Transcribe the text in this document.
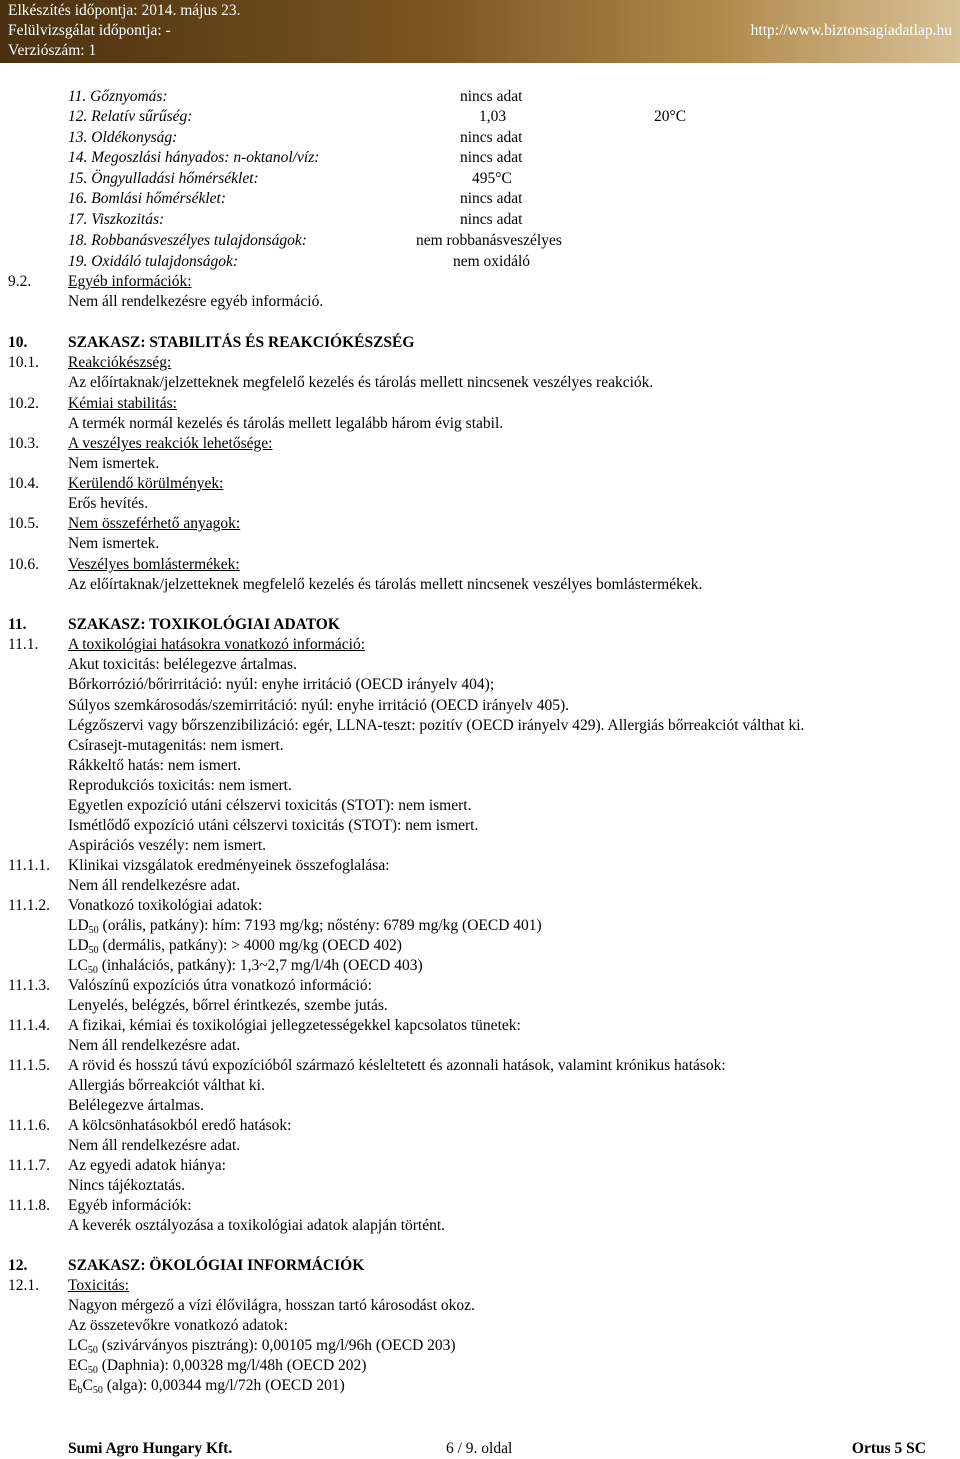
Elkészítés időpontja: 2014. május 23.
Felülvizsgálat időpontja: -
Verziószám: 1
http://www.biztonsagiadatlap.hu
11. Gőznyomás:	nincs adat
12. Relatív sűrűség:	1,03	20°C
13. Oldékonyság:	nincs adat
14. Megoszlási hányados: n-oktanol/víz:	nincs adat
15. Öngyulladási hőmérséklet:	495°C
16. Bomlási hőmérséklet:	nincs adat
17. Viszkozitás:	nincs adat
18. Robbanásveszélyes tulajdonságok:	nem robbanásveszélyes
19. Oxidáló tulajdonságok:	nem oxidáló
9.2. Egyéb információk:
Nem áll rendelkezésre egyéb információ.
10.	SZAKASZ: STABILITÁS ÉS REAKCIÓKÉSZSÉG
10.1. Reakciókészség:
Az előírtaknak/jelzetteknek megfelelő kezelés és tárolás mellett nincsenek veszélyes reakciók.
10.2. Kémiai stabilitás:
A termék normál kezelés és tárolás mellett legalább három évig stabil.
10.3. A veszélyes reakciók lehetősége:
Nem ismertek.
10.4. Kerülendő körülmények:
Erős hevítés.
10.5. Nem összeférhető anyagok:
Nem ismertek.
10.6. Veszélyes bomlástermékek:
Az előírtaknak/jelzetteknek megfelelő kezelés és tárolás mellett nincsenek veszélyes bomlástermékek.
11.	SZAKASZ: TOXIKOLÓGIAI ADATOK
11.1. A toxikológiai hatásokra vonatkozó információ:
Akut toxicitás: belélegezve ártalmas.
Bőrkorrózió/bőrirritáció: nyúl: enyhe irritáció (OECD irányelv 404);
Súlyos szemkárosodás/szemirritáció: nyúl: enyhe irritáció (OECD irányelv 405).
Légzőszervi vagy bőrszenzibilizáció: egér, LLNA-teszt: pozitív (OECD irányelv 429). Allergiás bőrreakciót válthat ki.
Csírasejt-mutagenitás: nem ismert.
Rákkeltő hatás: nem ismert.
Reprodukciós toxicitás: nem ismert.
Egyetlen expozíció utáni célszervi toxicitás (STOT): nem ismert.
Ismétlődő expozíció utáni célszervi toxicitás (STOT): nem ismert.
Aspirációs veszély: nem ismert.
11.1.1. Klinikai vizsgálatok eredményeinek összefoglalása:
Nem áll rendelkezésre adat.
11.1.2. Vonatkozó toxikológiai adatok:
$LD_{50}$ (orális, patkány): hím: 7193 mg/kg; nőstény: 6789 mg/kg (OECD 401)
$LD_{50}$ (dermális, patkány): > 4000 mg/kg (OECD 402)
$LC_{50}$ (inhalációs, patkány): 1,3~2,7 mg/l/4h (OECD 403)
11.1.3. Valószínű expozíciós útra vonatkozó információ:
Lenyelés, belégzés, bőrrel érintkezés, szembe jutás.
11.1.4. A fizikai, kémiai és toxikológiai jellegzetességekkel kapcsolatos tünetek:
Nem áll rendelkezésre adat.
11.1.5. A rövid és hosszú távú expozícióból származó késleltetett és azonnali hatások, valamint krónikus hatások:
Allergiás bőrreakciót válthat ki.
Belélegezve ártalmas.
11.1.6. A kölcsönhatásokból eredő hatások:
Nem áll rendelkezésre adat.
11.1.7. Az egyedi adatok hiánya:
Nincs tájékoztatás.
11.1.8. Egyéb információk:
A keverék osztályozása a toxikológiai adatok alapján történt.
12.	SZAKASZ: ÖKOLÓGIAI INFORMÁCIÓK
12.1. Toxicitás:
Nagyon mérgező a vízi élővilágra, hosszan tartó károsodást okoz.
Az összetevőkre vonatkozó adatok:
$LC_{50}$ (szivárványos pisztráng): 0,00105 mg/l/96h (OECD 203)
$EC_{50}$ (Daphnia): 0,00328 mg/l/48h (OECD 202)
$E_bC_{50}$ (alga): 0,00344 mg/l/72h (OECD 201)
Sumi Agro Hungary Kft.	6 / 9. oldal	Ortus 5 SC
